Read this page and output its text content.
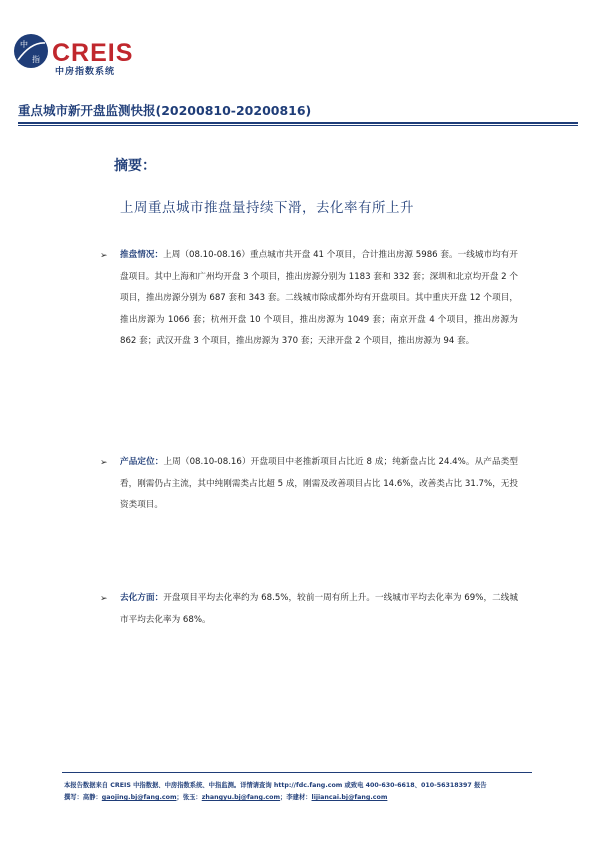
中
指 CREIS
中房指数系统
重点城市新开盘监测快报(20200810-20200816)
摘要：
上周重点城市推盘量持续下滑，去化率有所上升
➢ 推盘情况：上周（08.10-08.16）重点城市共开盘 41 个项目，合计推出房源 5986 套。一线城市均有开盘项目。其中上海和广州均开盘 3 个项目，推出房源分别为 1183 套和 332 套；深圳和北京均开盘 2 个项目，推出房源分别为 687 套和 343 套。二线城市除成都外均有开盘项目。其中重庆开盘 12 个项目，推出房源为 1066 套；杭州开盘 10 个项目，推出房源为 1049 套；南京开盘 4 个项目，推出房源为 862 套；武汉开盘 3 个项目，推出房源为 370 套；天津开盘 2 个项目，推出房源为 94 套。
➢ 产品定位：上周（08.10-08.16）开盘项目中老推新项目占比近 8 成；纯新盘占比 24.4%。从产品类型看，刚需仍占主流，其中纯刚需类占比超 5 成，刚需及改善项目占比 14.6%，改善类占比 31.7%，无投资类项目。
➢ 去化方面：开盘项目平均去化率约为 68.5%，较前一周有所上升。一线城市平均去化率为 69%，二线城市平均去化率为 68%。
本报告数据来自 CREIS 中指数据、中房指数系统、中指监测。详情请查询 http://fdc.fang.com 或致电 400-630-6618、010-56318397 报告
撰写：高静：gaojing.bj@fang.com；张玉：zhangyu.bj@fang.com；李建材：lijiancai.bj@fang.com
